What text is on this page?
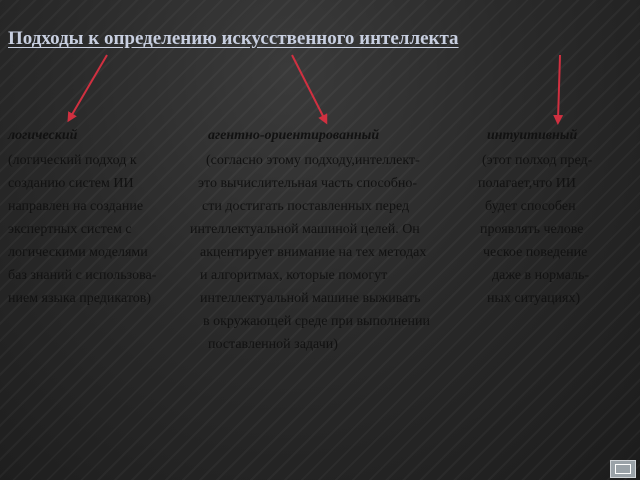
Подходы к определению искусственного интеллекта
логический
(логический подход к
созданию систем ИИ
направлен на создание
экспертных систем с
логическими моделями
баз знаний с использова-
нием языка предикатов)
агентно-ориентированный
(согласно этому подходу,интеллект-
это вычислительная часть способно-
сти достигать поставленных перед
интеллектуальной машиной целей. Он
акцентирует внимание на тех методах
и алгоритмах, которые помогут
интеллектуальной машине выживать
в окружающей среде при выполнении
поставленной задачи)
интуитивный
(этот полход пред-
полагает,что ИИ
будет способен
проявлять челове
ческое поведение
даже в нормаль-
ных ситуациях)
